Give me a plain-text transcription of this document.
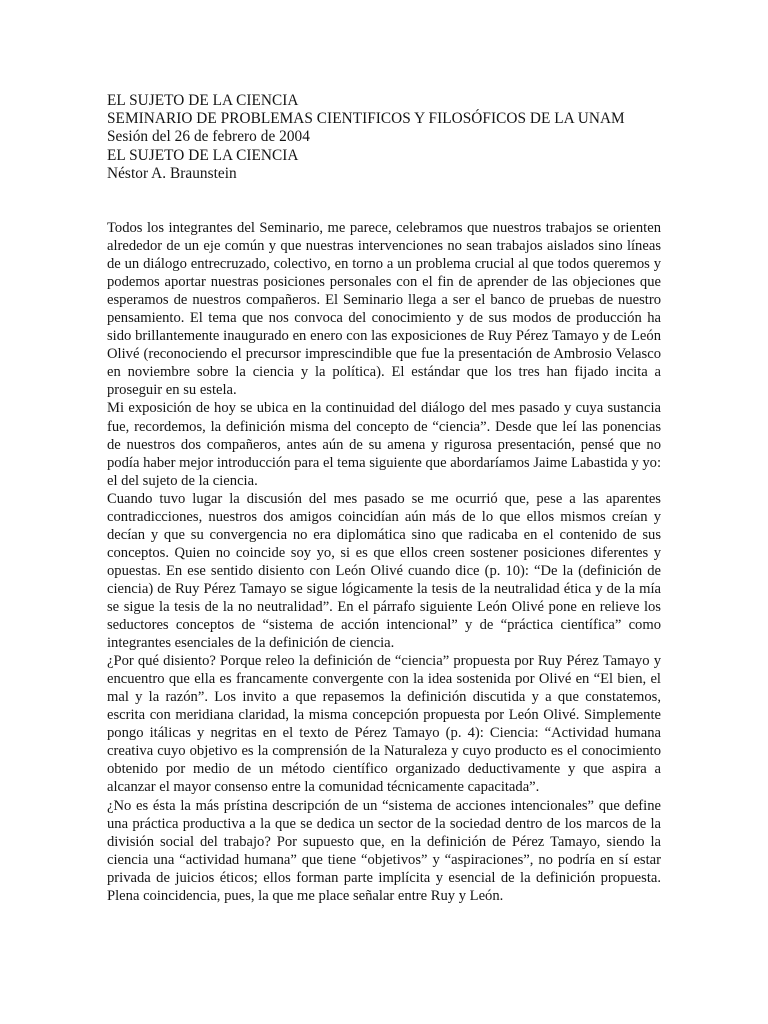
EL SUJETO DE LA CIENCIA
SEMINARIO DE PROBLEMAS CIENTIFICOS Y FILOSÓFICOS DE LA UNAM
Sesión del 26 de febrero de 2004
EL SUJETO DE LA CIENCIA
Néstor A. Braunstein

Todos los integrantes del Seminario, me parece, celebramos que nuestros trabajos se orienten alrededor de un eje común y que nuestras intervenciones no sean trabajos aislados sino líneas de un diálogo entrecruzado, colectivo, en torno a un problema crucial al que todos queremos y podemos aportar nuestras posiciones personales con el fin de aprender de las objeciones que esperamos de nuestros compañeros. El Seminario llega a ser el banco de pruebas de nuestro pensamiento. El tema que nos convoca del conocimiento y de sus modos de producción ha sido brillantemente inaugurado en enero con las exposiciones de Ruy Pérez Tamayo y de León Olivé (reconociendo el precursor imprescindible que fue la presentación de Ambrosio Velasco en noviembre sobre la ciencia y la política). El estándar que los tres han fijado incita a proseguir en su estela.

Mi exposición de hoy se ubica en la continuidad del diálogo del mes pasado y cuya sustancia fue, recordemos, la definición misma del concepto de “ciencia”. Desde que leí las ponencias de nuestros dos compañeros, antes aún de su amena y rigurosa presentación, pensé que no podía haber mejor introducción para el tema siguiente que abordaríamos Jaime Labastida y yo: el del sujeto de la ciencia.

Cuando tuvo lugar la discusión del mes pasado se me ocurrió que, pese a las aparentes contradicciones, nuestros dos amigos coincidían aún más de lo que ellos mismos creían y decían y que su convergencia no era diplomática sino que radicaba en el contenido de sus conceptos. Quien no coincide soy yo, si es que ellos creen sostener posiciones diferentes y opuestas. En ese sentido disiento con León Olivé cuando dice (p. 10): “De la (definición de ciencia) de Ruy Pérez Tamayo se sigue lógicamente la tesis de la neutralidad ética y de la mía se sigue la tesis de la no neutralidad”. En el párrafo siguiente León Olivé pone en relieve los seductores conceptos de “sistema de acción intencional” y de “práctica científica” como integrantes esenciales de la definición de ciencia.

¿Por qué disiento? Porque releo la definición de “ciencia” propuesta por Ruy Pérez Tamayo y encuentro que ella es francamente convergente con la idea sostenida por Olivé en “El bien, el mal y la razón”. Los invito a que repasemos la definición discutida y a que constatemos, escrita con meridiana claridad, la misma concepción propuesta por León Olivé. Simplemente pongo itálicas y negritas en el texto de Pérez Tamayo (p. 4): Ciencia: “Actividad humana creativa cuyo objetivo es la comprensión de la Naturaleza y cuyo producto es el conocimiento obtenido por medio de un método científico organizado deductivamente y que aspira a alcanzar el mayor consenso entre la comunidad técnicamente capacitada”.

¿No es ésta la más prístina descripción de un “sistema de acciones intencionales” que define una práctica productiva a la que se dedica un sector de la sociedad dentro de los marcos de la división social del trabajo? Por supuesto que, en la definición de Pérez Tamayo, siendo la ciencia una “actividad humana” que tiene “objetivos” y “aspiraciones”, no podría en sí estar privada de juicios éticos; ellos forman parte implícita y esencial de la definición propuesta. Plena coincidencia, pues, la que me place señalar entre Ruy y León.
